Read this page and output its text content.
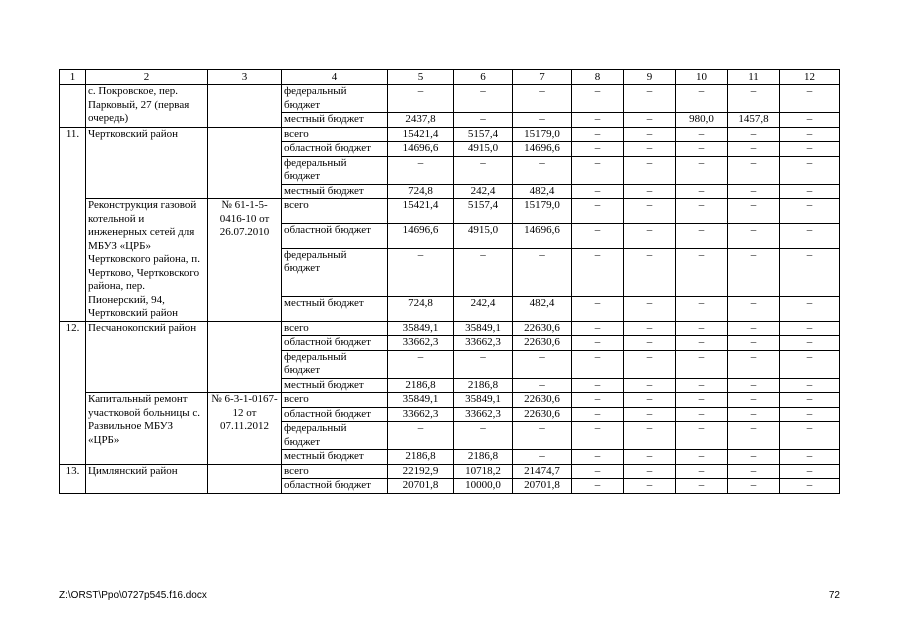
1	2	3	4	5	6	7	8	9	10	11	12
	с. Покровское, пер. Парковый, 27 (первая очередь)		федеральный бюджет	–	–	–	–	–	–	–	–
			местный бюджет	2437,8	–	–	–	–	980,0	1457,8	–
11.	Чертковский район		всего	15421,4	5157,4	15179,0	–	–	–	–	–
			областной бюджет	14696,6	4915,0	14696,6	–	–	–	–	–
			федеральный бюджет	–	–	–	–	–	–	–	–
			местный бюджет	724,8	242,4	482,4	–	–	–	–	–
	Реконструкция газовой котельной и инженерных сетей для МБУЗ «ЦРБ» Чертковского района, п. Чертково, Чертковского района, пер. Пионерский, 94, Чертковский район	№ 61-1-5-0416-10 от 26.07.2010	всего	15421,4	5157,4	15179,0	–	–	–	–	–
			областной бюджет	14696,6	4915,0	14696,6	–	–	–	–	–
			федеральный бюджет	–	–	–	–	–	–	–	–
			местный бюджет	724,8	242,4	482,4	–	–	–	–	–
12.	Песчанокопский район		всего	35849,1	35849,1	22630,6	–	–	–	–	–
			областной бюджет	33662,3	33662,3	22630,6	–	–	–	–	–
			федеральный бюджет	–	–	–	–	–	–	–	–
			местный бюджет	2186,8	2186,8	–	–	–	–	–	–
	Капитальный ремонт участковой больницы с. Развильное МБУЗ «ЦРБ»	№ 6-3-1-0167-12 от 07.11.2012	всего	35849,1	35849,1	22630,6	–	–	–	–	–
			областной бюджет	33662,3	33662,3	22630,6	–	–	–	–	–
			федеральный бюджет	–	–	–	–	–	–	–	–
			местный бюджет	2186,8	2186,8	–	–	–	–	–	–
13.	Цимлянский район		всего	22192,9	10718,2	21474,7	–	–	–	–	–
			областной бюджет	20701,8	10000,0	20701,8	–	–	–	–	–
Z:\ORST\Ppo\0727p545.f16.docx	72
